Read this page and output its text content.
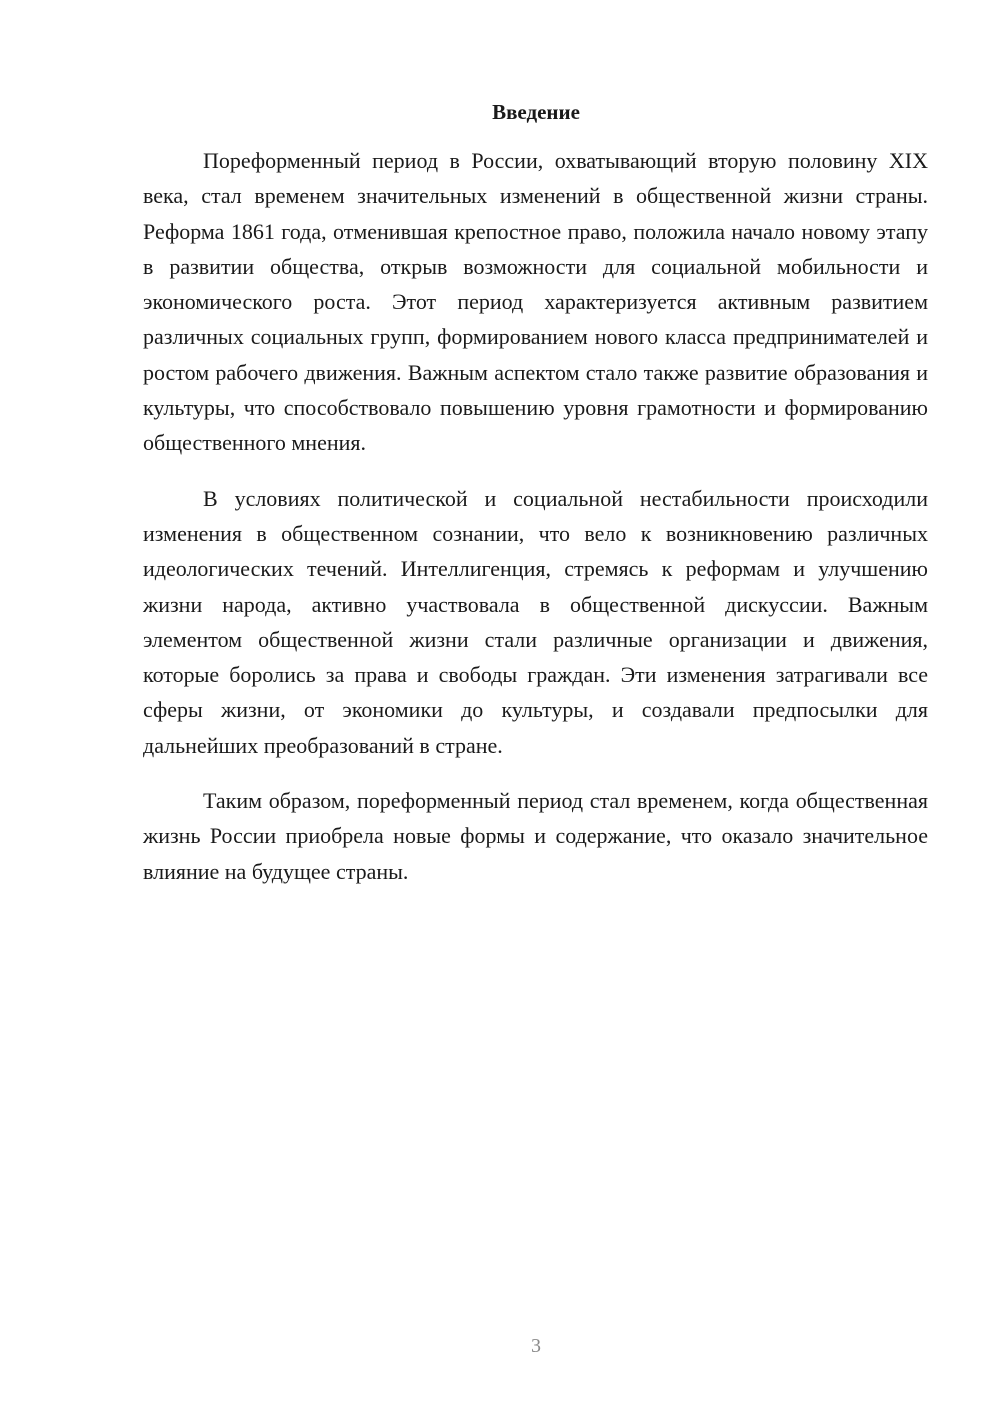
Введение

Пореформенный период в России, охватывающий вторую половину XIX века, стал временем значительных изменений в общественной жизни страны. Реформа 1861 года, отменившая крепостное право, положила начало новому этапу в развитии общества, открыв возможности для социальной мобильности и экономического роста. Этот период характеризуется активным развитием различных социальных групп, формированием нового класса предпринимателей и ростом рабочего движения. Важным аспектом стало также развитие образования и культуры, что способствовало повышению уровня грамотности и формированию общественного мнения.

В условиях политической и социальной нестабильности происходили изменения в общественном сознании, что вело к возникновению различных идеологических течений. Интеллигенция, стремясь к реформам и улучшению жизни народа, активно участвовала в общественной дискуссии. Важным элементом общественной жизни стали различные организации и движения, которые боролись за права и свободы граждан. Эти изменения затрагивали все сферы жизни, от экономики до культуры, и создавали предпосылки для дальнейших преобразований в стране.

Таким образом, пореформенный период стал временем, когда общественная жизнь России приобрела новые формы и содержание, что оказало значительное влияние на будущее страны.

3
